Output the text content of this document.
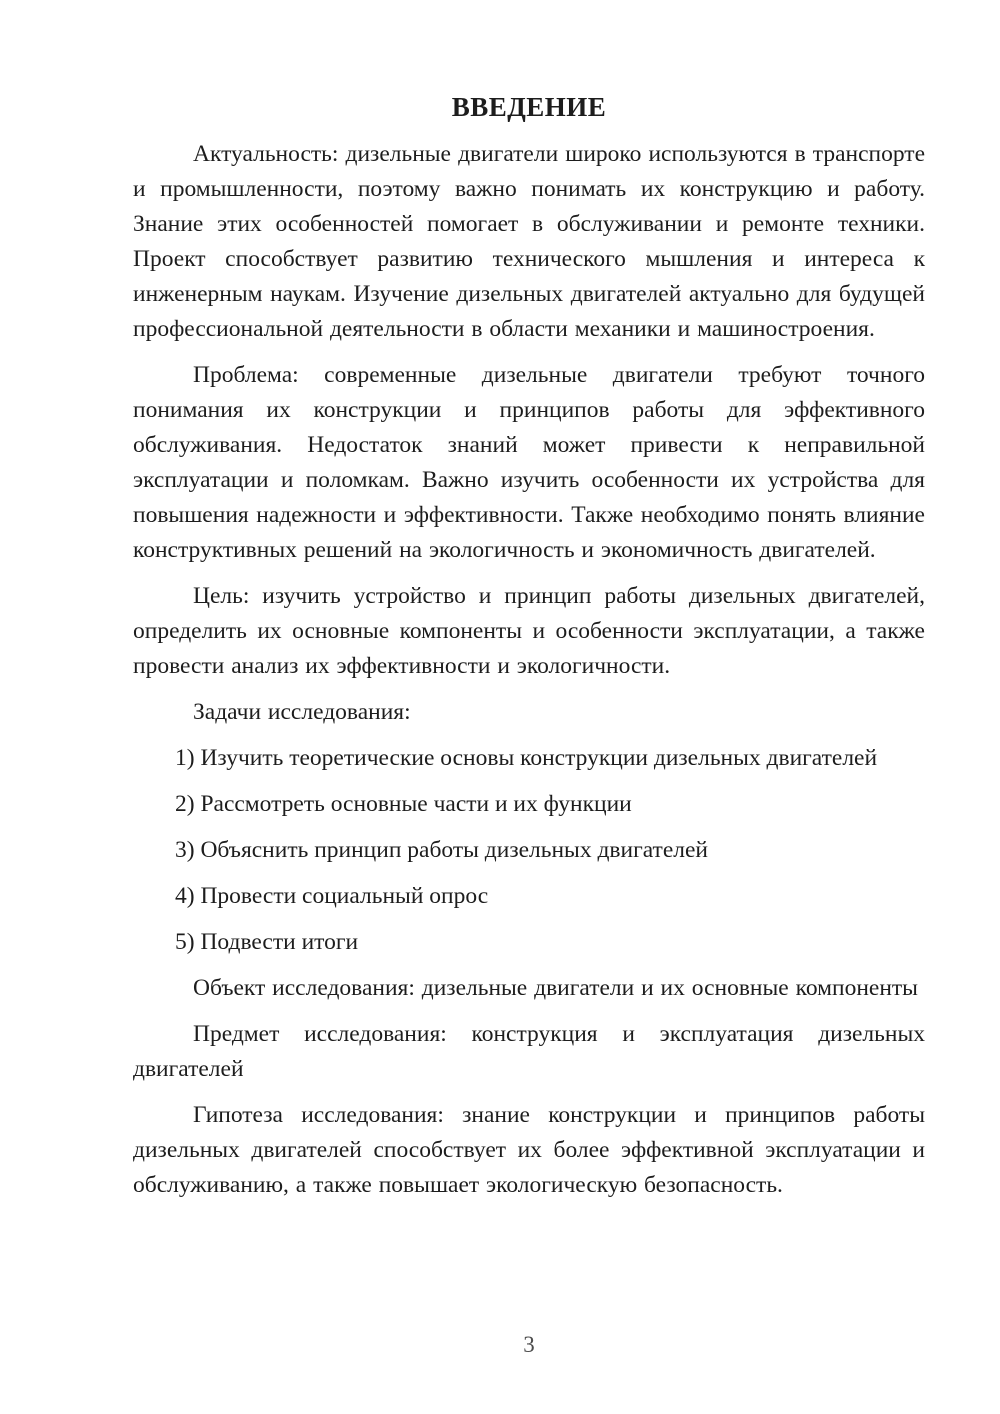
ВВЕДЕНИЕ

Актуальность: дизельные двигатели широко используются в транспорте и промышленности, поэтому важно понимать их конструкцию и работу. Знание этих особенностей помогает в обслуживании и ремонте техники. Проект способствует развитию технического мышления и интереса к инженерным наукам. Изучение дизельных двигателей актуально для будущей профессиональной деятельности в области механики и машиностроения.

Проблема: современные дизельные двигатели требуют точного понимания их конструкции и принципов работы для эффективного обслуживания. Недостаток знаний может привести к неправильной эксплуатации и поломкам. Важно изучить особенности их устройства для повышения надежности и эффективности. Также необходимо понять влияние конструктивных решений на экологичность и экономичность двигателей.

Цель: изучить устройство и принцип работы дизельных двигателей, определить их основные компоненты и особенности эксплуатации, а также провести анализ их эффективности и экологичности.

Задачи исследования:

1) Изучить теоретические основы конструкции дизельных двигателей

2) Рассмотреть основные части и их функции

3) Объяснить принцип работы дизельных двигателей

4) Провести социальный опрос

5) Подвести итоги

Объект исследования: дизельные двигатели и их основные компоненты

Предмет исследования: конструкция и эксплуатация дизельных двигателей

Гипотеза исследования: знание конструкции и принципов работы дизельных двигателей способствует их более эффективной эксплуатации и обслуживанию, а также повышает экологическую безопасность.

3
